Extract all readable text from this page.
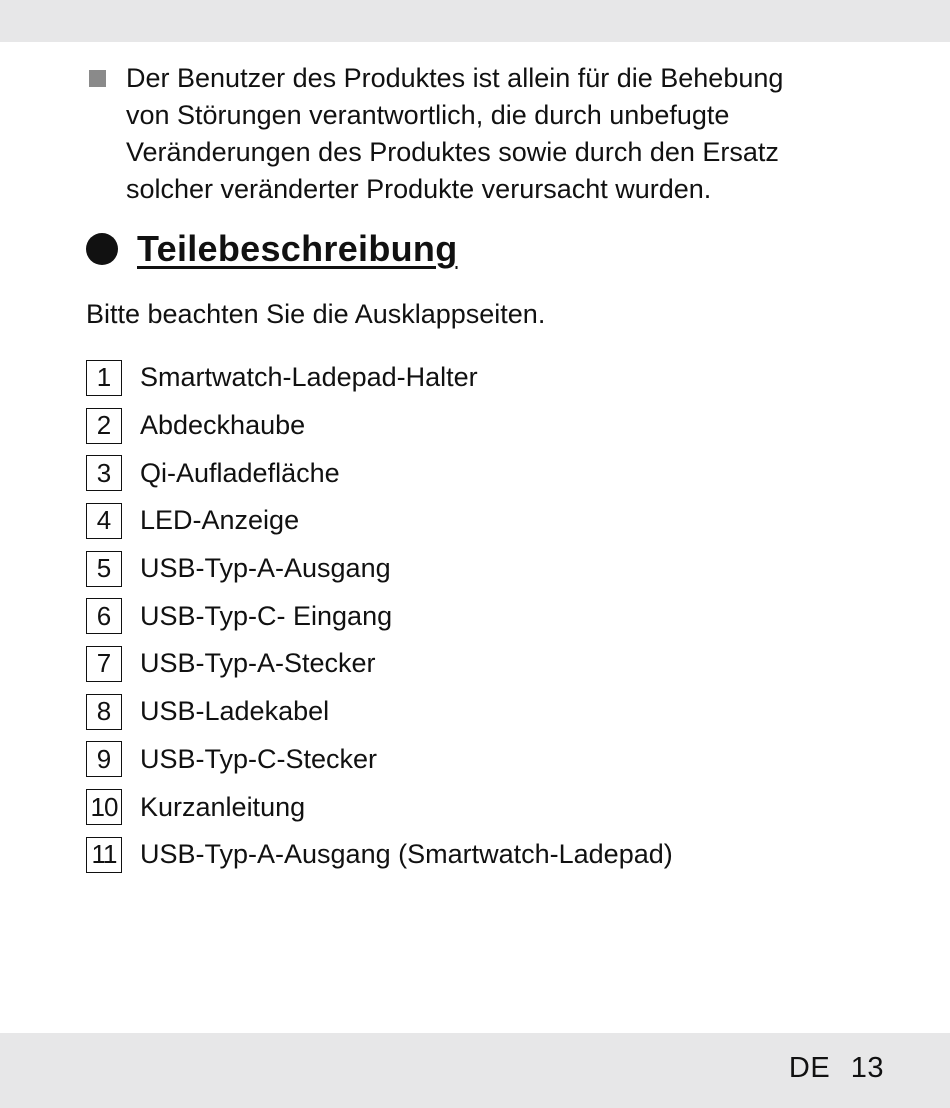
Der Benutzer des Produktes ist allein für die Behebung
von Störungen verantwortlich, die durch unbefugte
Veränderungen des Produktes sowie durch den Ersatz
solcher veränderter Produkte verursacht wurden.
Teilebeschreibung
Bitte beachten Sie die Ausklappseiten.
1	Smartwatch-Ladepad-Halter
2	Abdeckhaube
3	Qi-Aufladefläche
4	LED-Anzeige
5	USB-Typ-A-Ausgang
6	USB-Typ-C- Eingang
7	USB-Typ-A-Stecker
8	USB-Ladekabel
9	USB-Typ-C-Stecker
10 Kurzanleitung
11 USB-Typ-A-Ausgang (Smartwatch-Ladepad)
DE 13
